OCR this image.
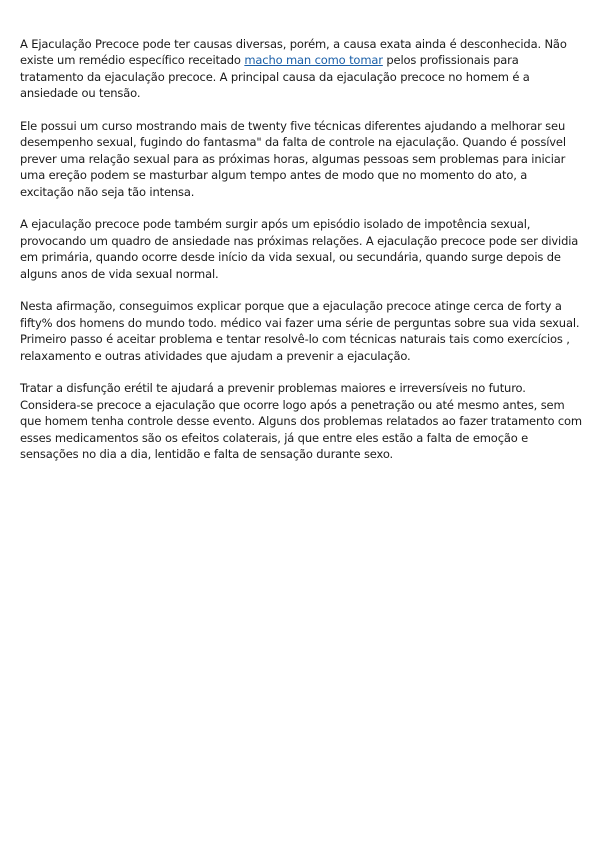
A Ejaculação Precoce pode ter causas diversas, porém, a causa exata ainda é desconhecida. Não existe um remédio específico receitado macho man como tomar pelos profissionais para tratamento da ejaculação precoce. A principal causa da ejaculação precoce no homem é a ansiedade ou tensão.

Ele possui um curso mostrando mais de twenty five técnicas diferentes ajudando a melhorar seu desempenho sexual, fugindo do fantasma" da falta de controle na ejaculação. Quando é possível prever uma relação sexual para as próximas horas, algumas pessoas sem problemas para iniciar uma ereção podem se masturbar algum tempo antes de modo que no momento do ato, a excitação não seja tão intensa.

A ejaculação precoce pode também surgir após um episódio isolado de impotência sexual, provocando um quadro de ansiedade nas próximas relações. A ejaculação precoce pode ser dividia em primária, quando ocorre desde início da vida sexual, ou secundária, quando surge depois de alguns anos de vida sexual normal.

Nesta afirmação, conseguimos explicar porque que a ejaculação precoce atinge cerca de forty a fifty% dos homens do mundo todo. médico vai fazer uma série de perguntas sobre sua vida sexual. Primeiro passo é aceitar problema e tentar resolvê-lo com técnicas naturais tais como exercícios , relaxamento e outras atividades que ajudam a prevenir a ejaculação.

Tratar a disfunção erétil te ajudará a prevenir problemas maiores e irreversíveis no futuro. Considera-se precoce a ejaculação que ocorre logo após a penetração ou até mesmo antes, sem que homem tenha controle desse evento. Alguns dos problemas relatados ao fazer tratamento com esses medicamentos são os efeitos colaterais, já que entre eles estão a falta de emoção e sensações no dia a dia, lentidão e falta de sensação durante sexo.
